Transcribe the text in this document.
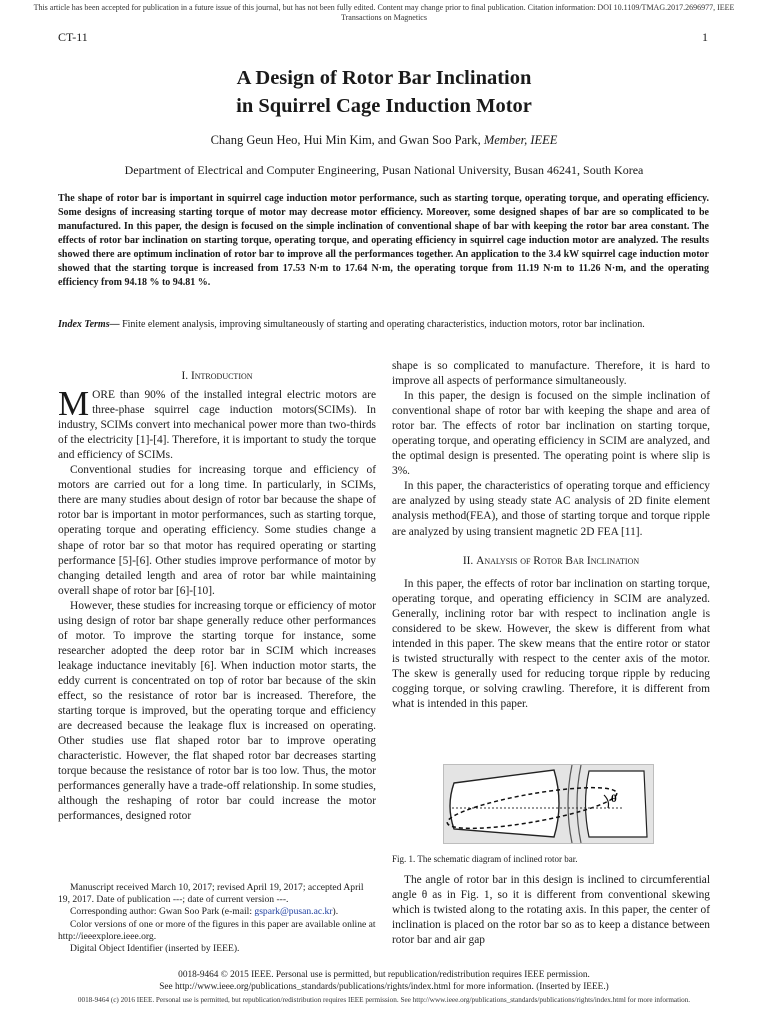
This article has been accepted for publication in a future issue of this journal, but has not been fully edited. Content may change prior to final publication. Citation information: DOI 10.1109/TMAG.2017.2696977, IEEE Transactions on Magnetics
CT-11	1
A Design of Rotor Bar Inclination
in Squirrel Cage Induction Motor
Chang Geun Heo, Hui Min Kim, and Gwan Soo Park, Member, IEEE
Department of Electrical and Computer Engineering, Pusan National University, Busan 46241, South Korea
The shape of rotor bar is important in squirrel cage induction motor performance, such as starting torque, operating torque, and operating efficiency. Some designs of increasing starting torque of motor may decrease motor efficiency. Moreover, some designed shapes of bar are so complicated to be manufactured. In this paper, the design is focused on the simple inclination of conventional shape of bar with keeping the rotor bar area constant. The effects of rotor bar inclination on starting torque, operating torque, and operating efficiency in squirrel cage induction motor are analyzed. The results showed there are optimum inclination of rotor bar to improve all the performances together. An application to the 3.4 kW squirrel cage induction motor showed that the starting torque is increased from 17.53 N·m to 17.64 N·m, the operating torque from 11.19 N·m to 11.26 N·m, and the operating efficiency from 94.18 % to 94.81 %.
Index Terms— Finite element analysis, improving simultaneously of starting and operating characteristics, induction motors, rotor bar inclination.
I. Introduction

MORE than 90% of the installed integral electric motors are three-phase squirrel cage induction motors(SCIMs). In industry, SCIMs convert into mechanical power more than two-thirds of the electricity [1]-[4]. Therefore, it is important to study the torque and efficiency of SCIMs.

Conventional studies for increasing torque and efficiency of motors are carried out for a long time. In particularly, in SCIMs, there are many studies about design of rotor bar because the shape of rotor bar is important in motor performances, such as starting torque, operating torque and operating efficiency. Some studies change a shape of rotor bar so that motor has required operating or starting performance [5]-[6]. Other studies improve performance of motor by changing detailed length and area of rotor bar while maintaining overall shape of rotor bar [6]-[10].

However, these studies for increasing torque or efficiency of motor using design of rotor bar shape generally reduce other performances of motor. To improve the starting torque for instance, some researcher adopted the deep rotor bar in SCIM which increases leakage inductance inevitably [6]. When induction motor starts, the eddy current is concentrated on top of rotor bar because of the skin effect, so the resistance of rotor bar is increased. Therefore, the starting torque is improved, but the operating torque and efficiency are decreased because the leakage flux is increased on operating. Other studies use flat shaped rotor bar to improve operating characteristic. However, the flat shaped rotor bar decreases starting torque because the resistance of rotor bar is too low. Thus, the motor performances generally have a trade-off relationship. In some studies, although the reshaping of rotor bar could increase the motor performances, designed rotor

shape is so complicated to manufacture. Therefore, it is hard to improve all aspects of performance simultaneously.

In this paper, the design is focused on the simple inclination of conventional shape of rotor bar with keeping the shape and area of rotor bar. The effects of rotor bar inclination on starting torque, operating torque, and operating efficiency in SCIM are analyzed, and the optimal design is presented. The operating point is where slip is 3%.

In this paper, the characteristics of operating torque and efficiency are analyzed by using steady state AC analysis of 2D finite element analysis method(FEA), and those of starting torque and torque ripple are analyzed by using transient magnetic 2D FEA [11].

II. Analysis of Rotor Bar Inclination

In this paper, the effects of rotor bar inclination on starting torque, operating torque, and operating efficiency in SCIM are analyzed. Generally, inclining rotor bar with respect to inclination angle is considered to be skew. However, the skew is different from what intended in this paper. The skew means that the entire rotor or stator is twisted structurally with respect to the center axis of the motor. The skew is generally used for reducing torque ripple by reducing cogging torque, or solving crawling. Therefore, it is different from what is intended in this paper.

θ
Fig. 1. The schematic diagram of inclined rotor bar.

The angle of rotor bar in this design is inclined to circumferential angle θ as in Fig. 1, so it is different from conventional skewing which is twisted along to the rotating axis. In this paper, the center of inclination is placed on the rotor bar so as to keep a distance between rotor bar and air gap

Manuscript received March 10, 2017; revised April 19, 2017; accepted April 19, 2017. Date of publication ---; date of current version ---.

Corresponding author: Gwan Soo Park (e-mail: gspark@pusan.ac.kr).

Color versions of one or more of the figures in this paper are available online at http://ieeexplore.ieee.org.

Digital Object Identifier (inserted by IEEE).

0018-9464 © 2015 IEEE. Personal use is permitted, but republication/redistribution requires IEEE permission.
See http://www.ieee.org/publications_standards/publications/rights/index.html for more information. (Inserted by IEEE.)
0018-9464 (c) 2016 IEEE. Personal use is permitted, but republication/redistribution requires IEEE permission. See http://www.ieee.org/publications_standards/publications/rights/index.html for more information.
